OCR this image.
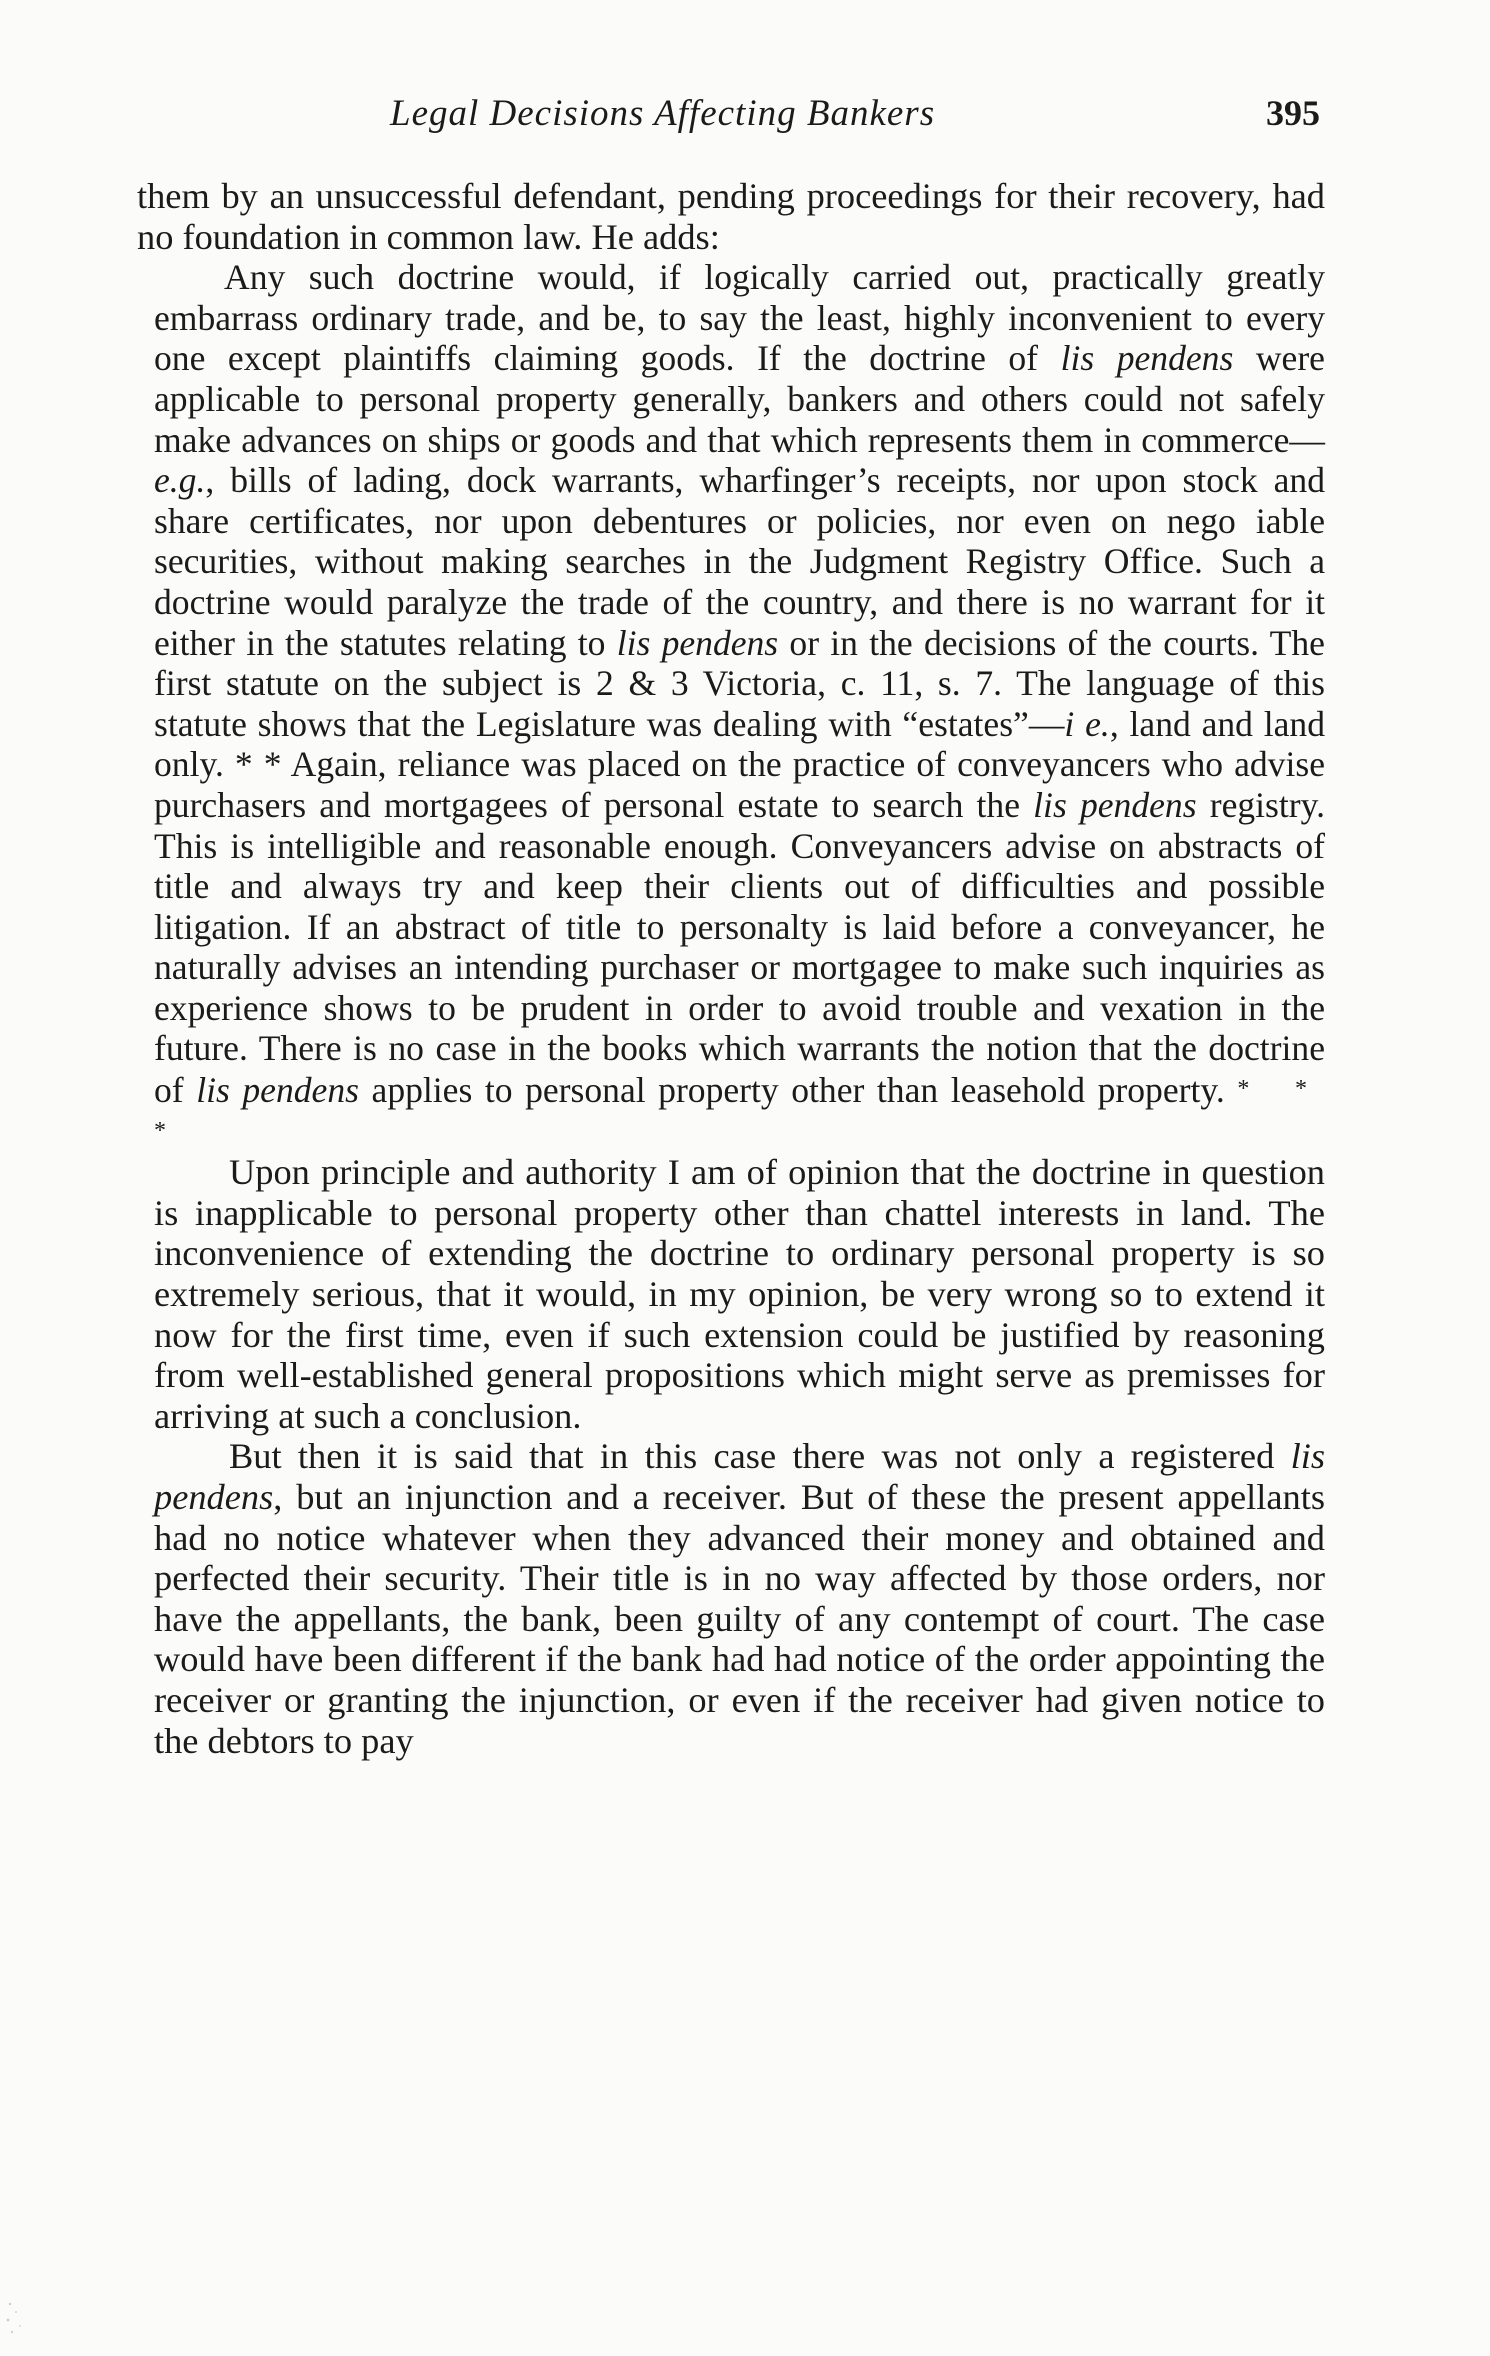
Legal Decisions Affecting Bankers	395

them by an unsuccessful defendant, pending proceedings for their recovery, had no foundation in common law. He adds:

Any such doctrine would, if logically carried out, practically greatly embarrass ordinary trade, and be, to say the least, highly inconvenient to every one except plaintiffs claiming goods. If the doctrine of lis pendens were applicable to personal property generally, bankers and others could not safely make advances on ships or goods and that which represents them in commerce—e.g., bills of lading, dock warrants, wharfinger’s receipts, nor upon stock and share certificates, nor upon debentures or policies, nor even on nego iable securities, without making searches in the Judgment Registry Office. Such a doctrine would paralyze the trade of the country, and there is no warrant for it either in the statutes relating to lis pendens or in the decisions of the courts. The first statute on the subject is 2 & 3 Victoria, c. 11, s. 7. The language of this statute shows that the Legislature was dealing with “estates”—i e., land and land only. * * Again, reliance was placed on the practice of conveyancers who advise purchasers and mortgagees of personal estate to search the lis pendens registry. This is intelligible and reasonable enough. Conveyancers advise on abstracts of title and always try and keep their clients out of difficulties and possible litigation. If an abstract of title to personalty is laid before a conveyancer, he naturally advises an intending purchaser or mortgagee to make such inquiries as experience shows to be prudent in order to avoid trouble and vexation in the future. There is no case in the books which warrants the notion that the doctrine of lis pendens applies to personal property other than leasehold property. * * *

Upon principle and authority I am of opinion that the doctrine in question is inapplicable to personal property other than chattel interests in land. The inconvenience of extending the doctrine to ordinary personal property is so extremely serious, that it would, in my opinion, be very wrong so to extend it now for the first time, even if such extension could be justified by reasoning from well-established general propositions which might serve as premisses for arriving at such a conclusion.

But then it is said that in this case there was not only a registered lis pendens, but an injunction and a receiver. But of these the present appellants had no notice whatever when they advanced their money and obtained and perfected their security. Their title is in no way affected by those orders, nor have the appellants, the bank, been guilty of any contempt of court. The case would have been different if the bank had had notice of the order appointing the receiver or granting the injunction, or even if the receiver had given notice to the debtors to pay
